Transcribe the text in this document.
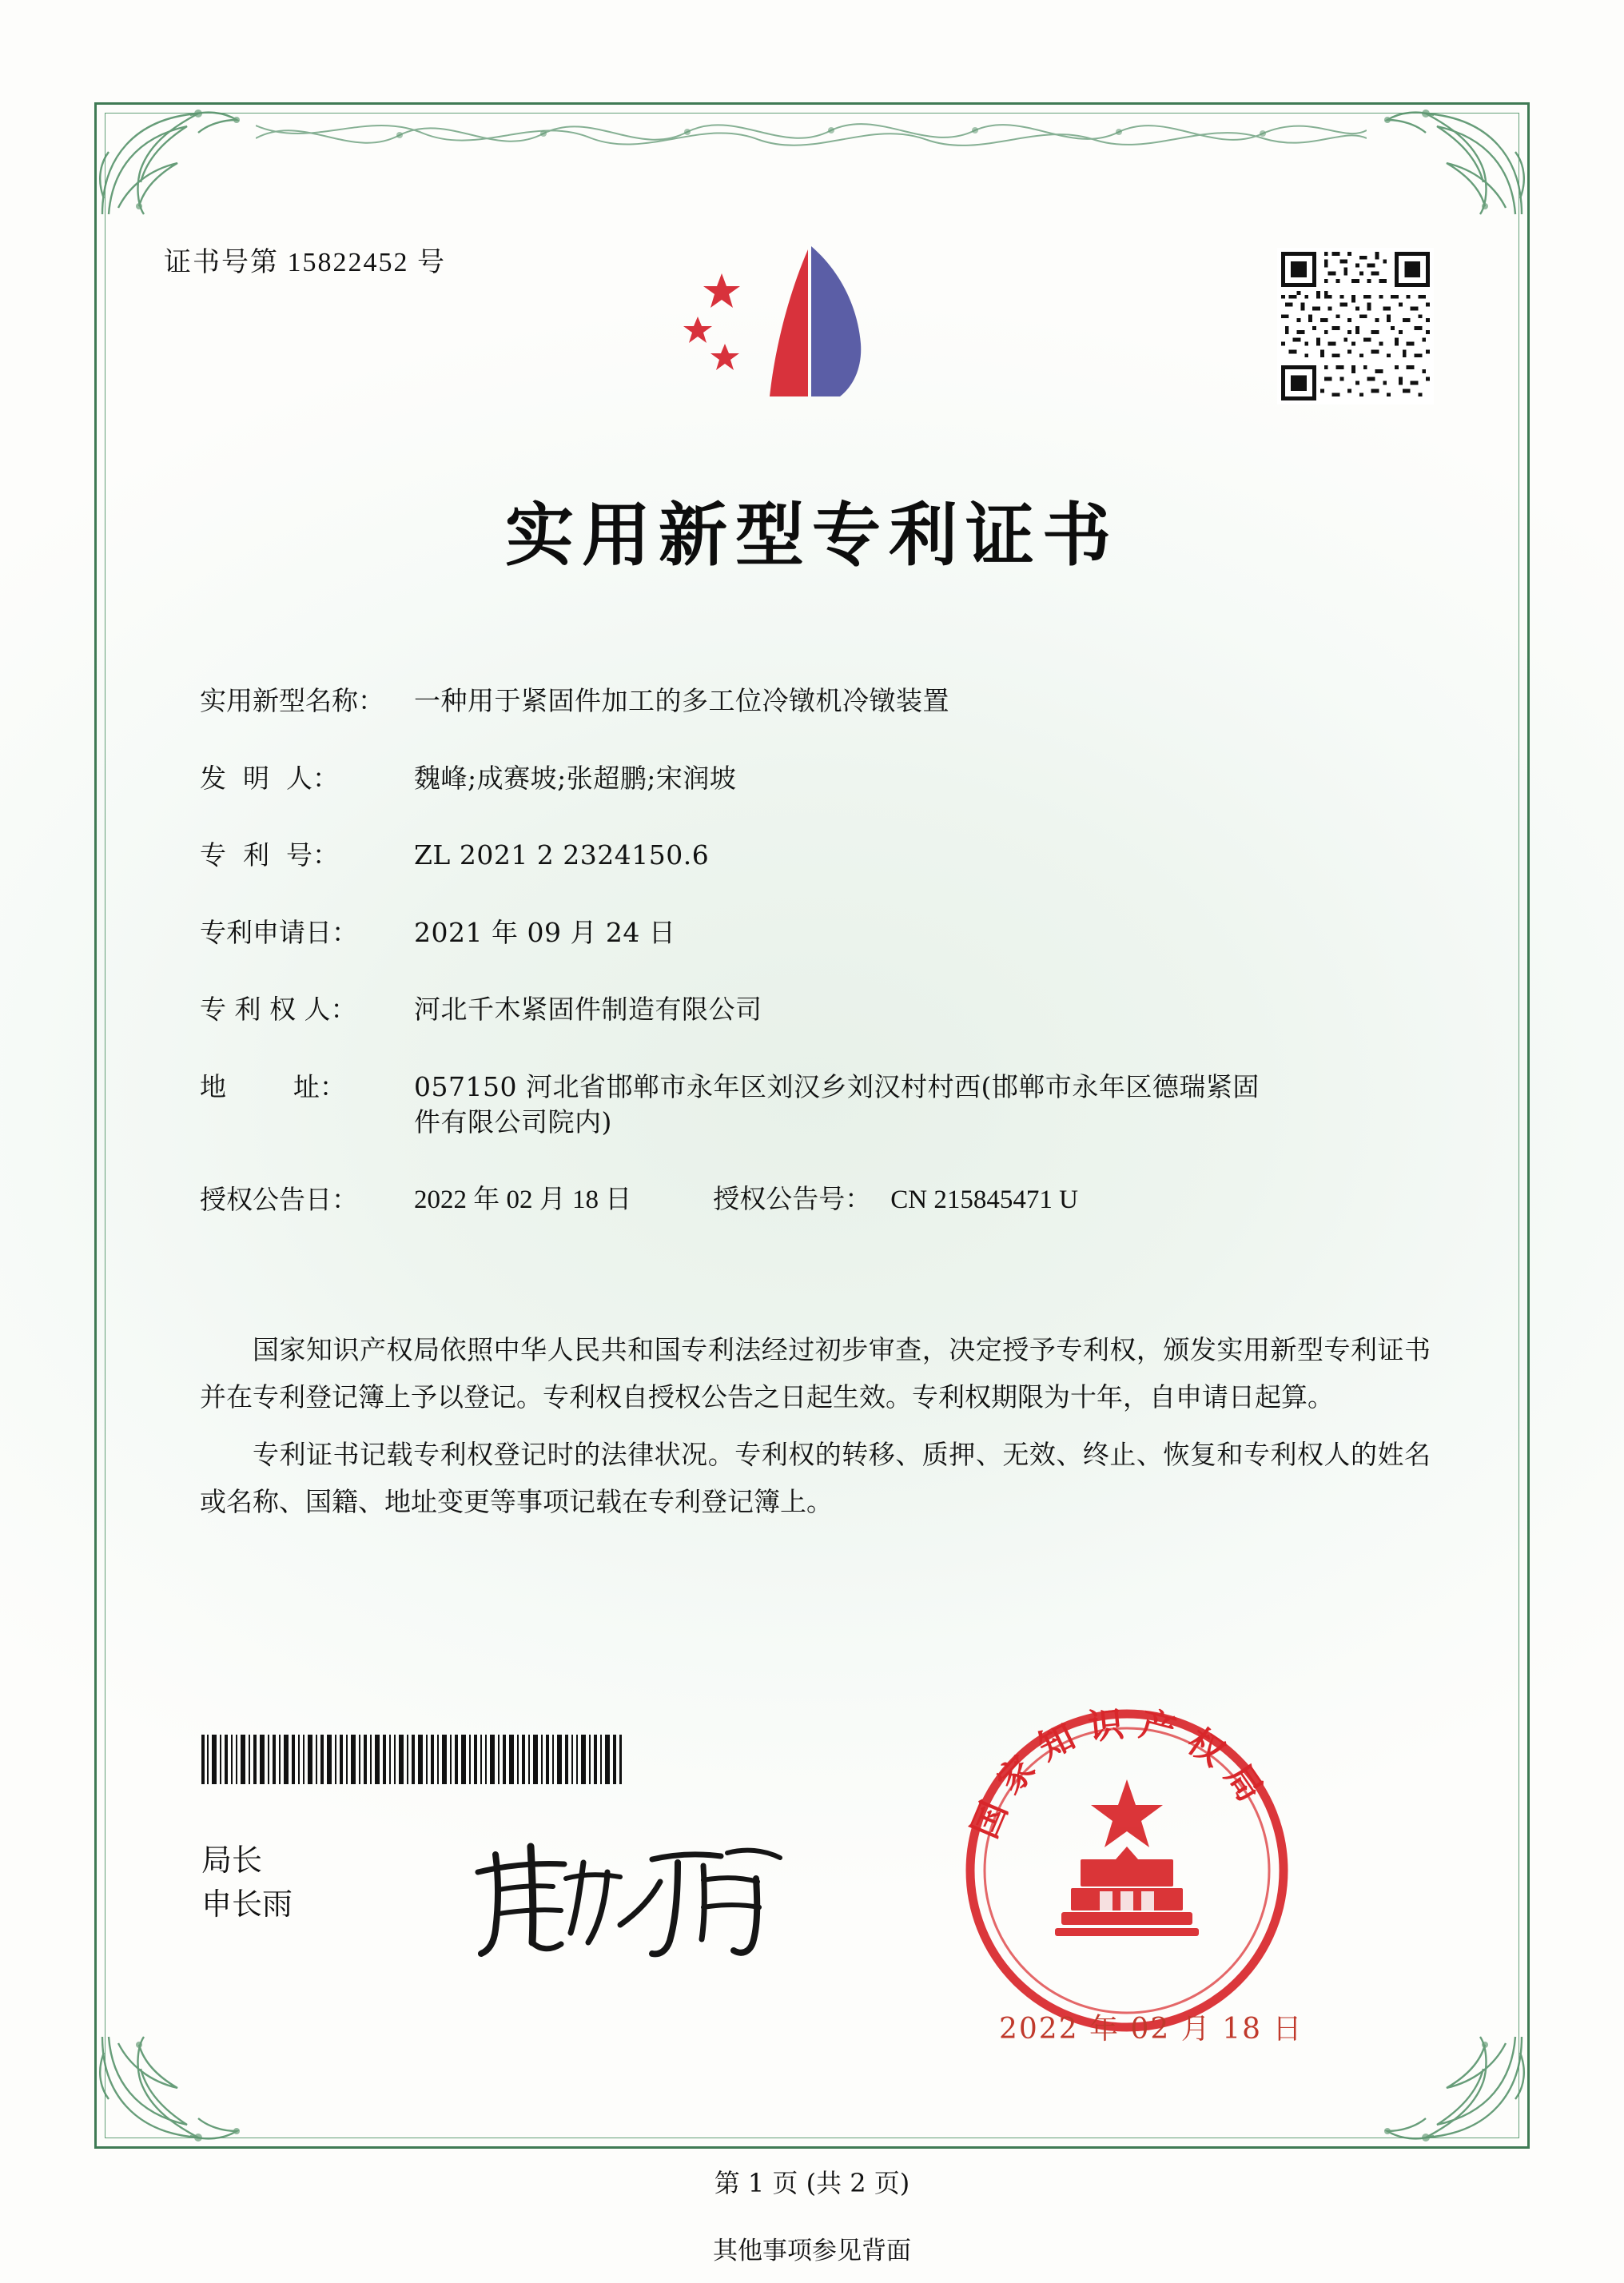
证书号第 15822452 号
实用新型专利证书
实用新型名称：	一种用于紧固件加工的多工位冷镦机冷镦装置
发  明  人：	魏峰;成赛坡;张超鹏;宋润坡
专  利  号：	ZL 2021 2 2324150.6
专利申请日：	2021 年 09 月 24 日
专 利 权 人：	河北千木紧固件制造有限公司
地        址：	057150 河北省邯郸市永年区刘汉乡刘汉村村西(邯郸市永年区德瑞紧固件有限公司院内)
授权公告日：	2022 年 02 月 18 日	授权公告号： CN 215845471 U

国家知识产权局依照中华人民共和国专利法经过初步审查，决定授予专利权，颁发实用新型专利证书并在专利登记簿上予以登记。专利权自授权公告之日起生效。专利权期限为十年，自申请日起算。

专利证书记载专利权登记时的法律状况。专利权的转移、质押、无效、终止、恢复和专利权人的姓名或名称、国籍、地址变更等事项记载在专利登记簿上。

局长
申长雨
国家知识产权局
2022 年 02 月 18 日
第 1 页 (共 2 页)
其他事项参见背面
